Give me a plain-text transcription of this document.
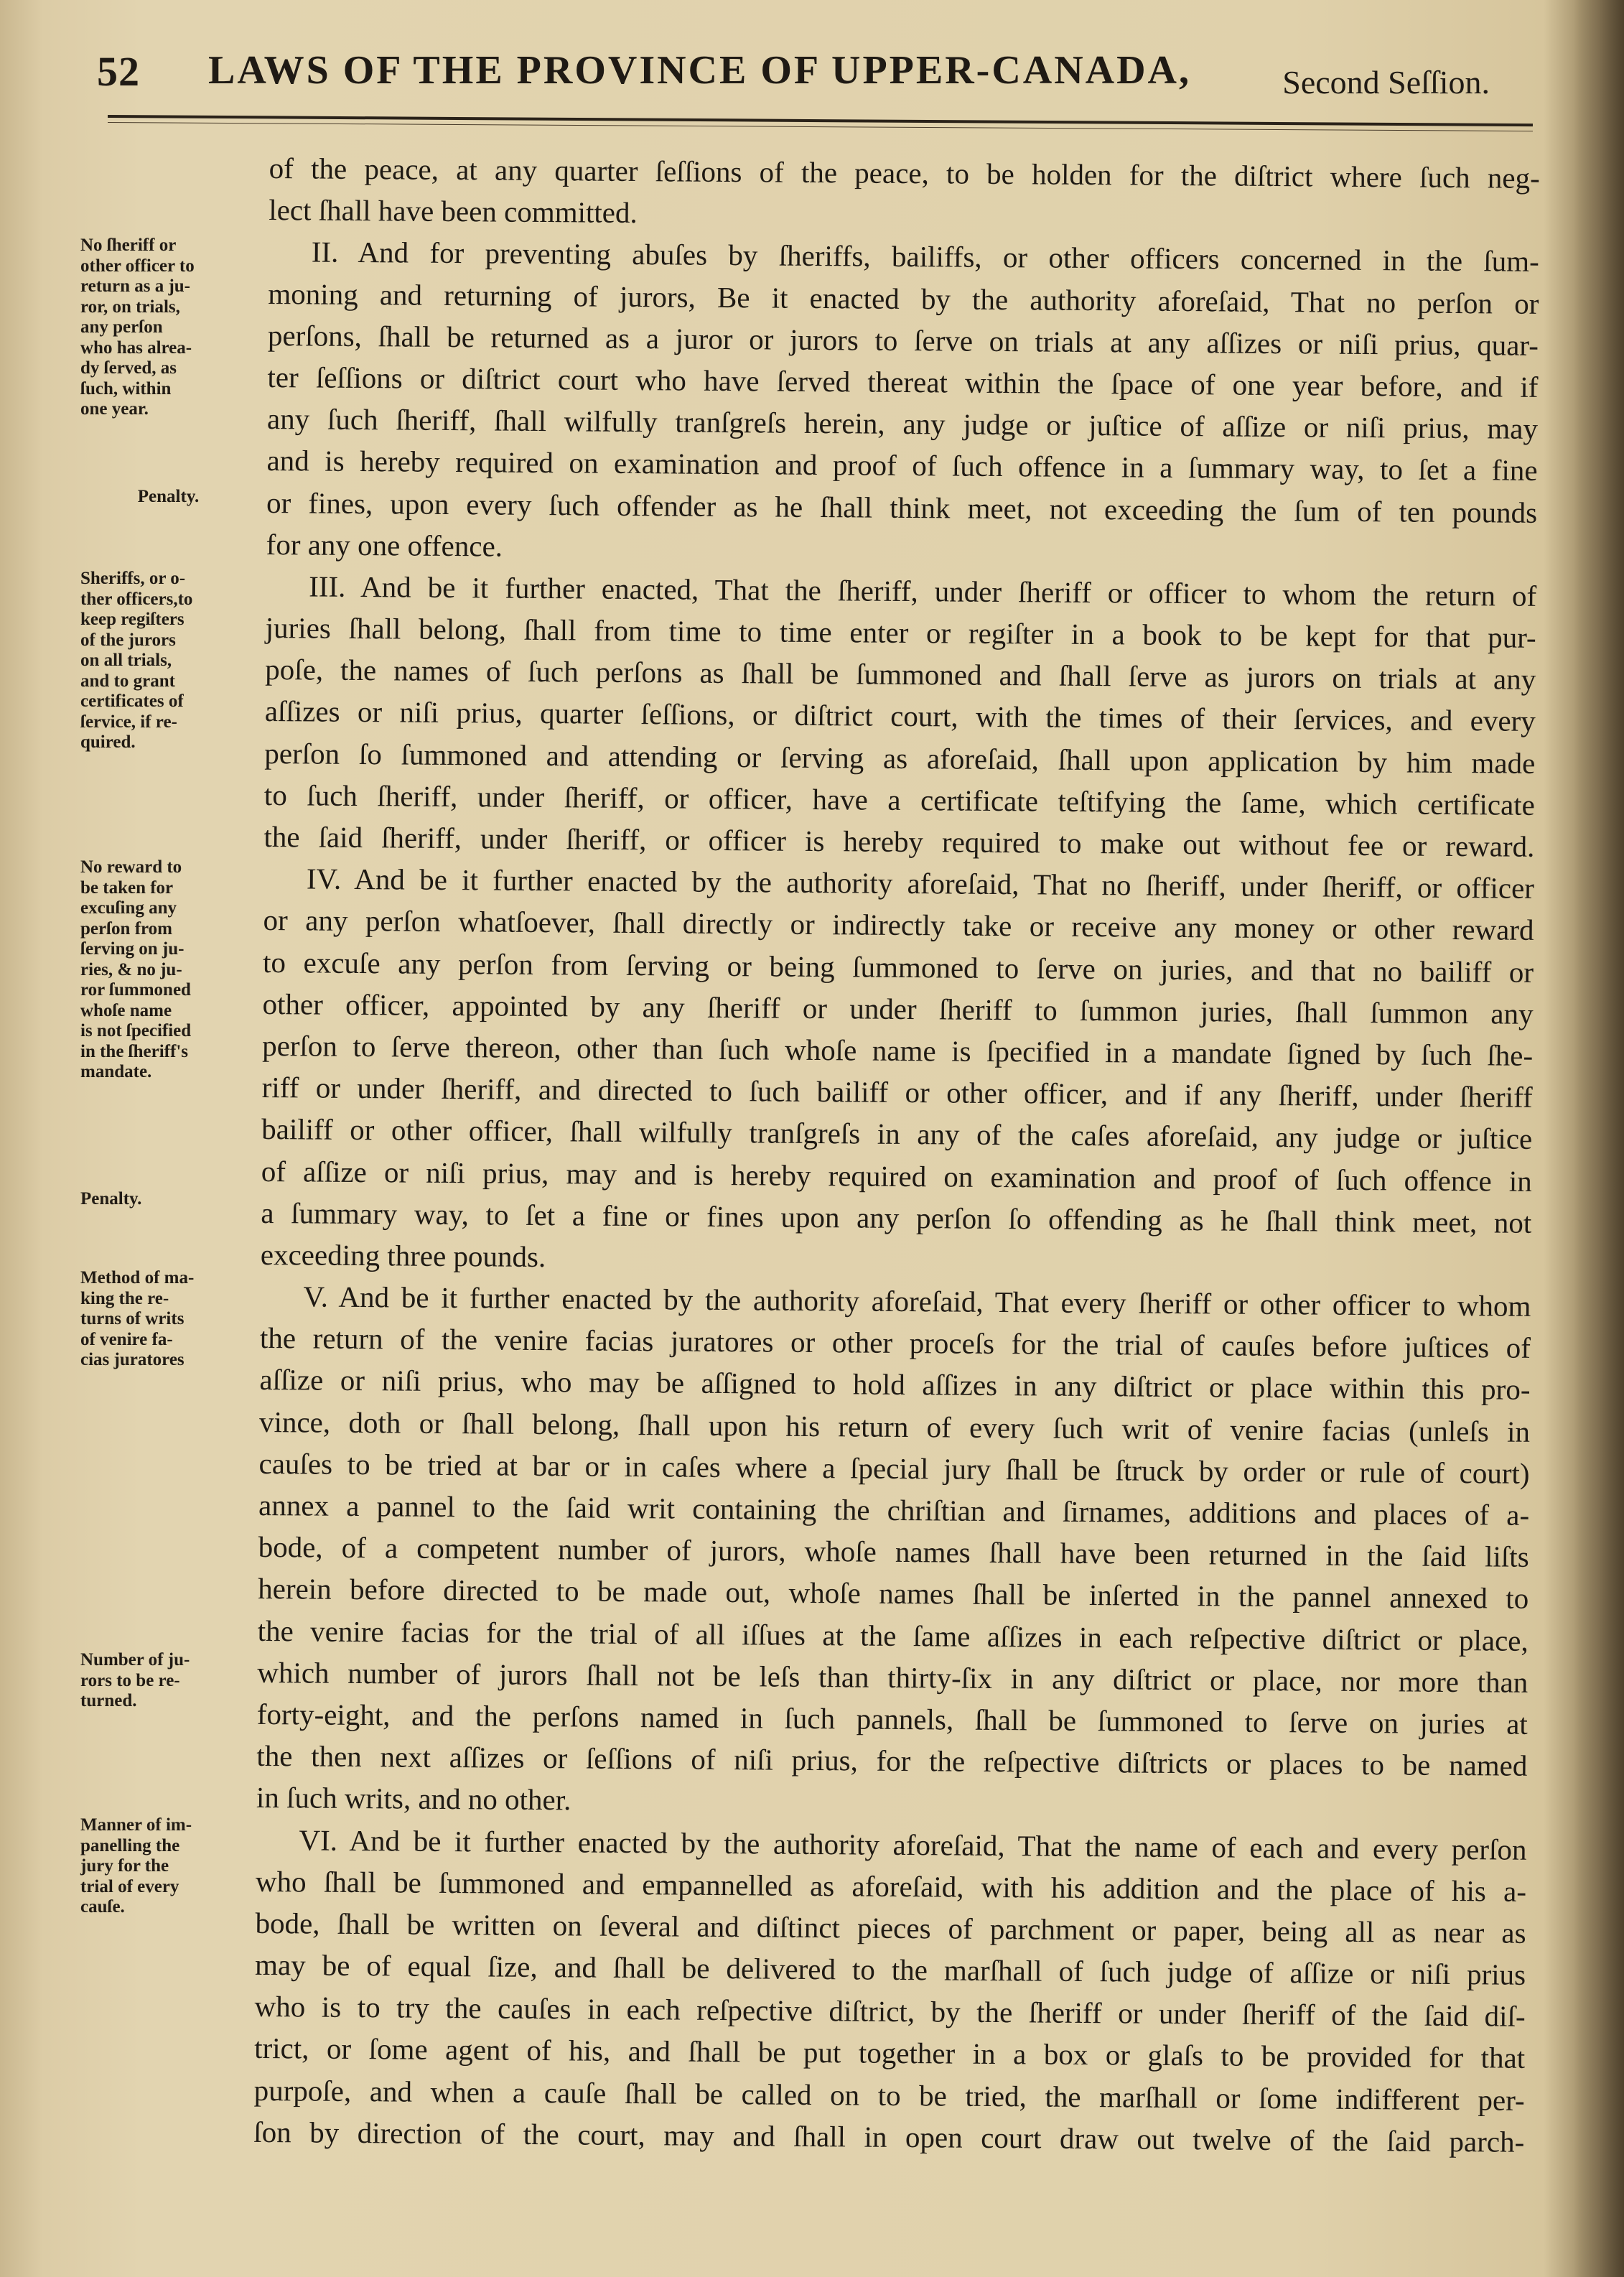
52 LAWS OF THE PROVINCE OF UPPER-CANADA,	Second Seſſion.
No ſheriff or
other officer to
return as a ju-
ror, on trials,
any perſon
who has alrea-
dy ſerved, as
ſuch, within
one year.
Penalty.
Sheriffs, or o-
ther officers,to
keep regiſters
of the jurors
on all trials,
and to grant
certificates of
ſervice, if re-
quired.
No reward to
be taken for
excuſing any
perſon from
ſerving on ju-
ries, & no ju-
ror ſummoned
whoſe name
is not ſpecified
in the ſheriff's
mandate.
Penalty.
Method of ma-
king the re-
turns of writs
of venire fa-
cias juratores
Number of ju-
rors to be re-
turned.
Manner of im-
panelling the
jury for the
trial of every
cauſe.
of the peace, at any quarter ſeſſions of the peace, to be holden for the diſtrict where ſuch neg-
lect ſhall have been committed.
II. And for preventing abuſes by ſheriffs, bailiffs, or other officers concerned in the ſum-
moning and returning of jurors, Be it enacted by the authority aforeſaid, That no perſon or
perſons, ſhall be returned as a juror or jurors to ſerve on trials at any aſſizes or niſi prius, quar-
ter ſeſſions or diſtrict court who have ſerved thereat within the ſpace of one year before, and if
any ſuch ſheriff, ſhall wilfully tranſgreſs herein, any judge or juſtice of aſſize or niſi prius, may
and is hereby required on examination and proof of ſuch offence in a ſummary way, to ſet a fine
or fines, upon every ſuch offender as he ſhall think meet, not exceeding the ſum of ten pounds
for any one offence.
III. And be it further enacted, That the ſheriff, under ſheriff or officer to whom the return of
juries ſhall belong, ſhall from time to time enter or regiſter in a book to be kept for that pur-
poſe, the names of ſuch perſons as ſhall be ſummoned and ſhall ſerve as jurors on trials at any
aſſizes or niſi prius, quarter ſeſſions, or diſtrict court, with the times of their ſervices, and every
perſon ſo ſummoned and attending or ſerving as aforeſaid, ſhall upon application by him made
to ſuch ſheriff, under ſheriff, or officer, have a certificate teſtifying the ſame, which certificate
the ſaid ſheriff, under ſheriff, or officer is hereby required to make out without fee or reward.
IV. And be it further enacted by the authority aforeſaid, That no ſheriff, under ſheriff, or officer
or any perſon whatſoever, ſhall directly or indirectly take or receive any money or other reward
to excuſe any perſon from ſerving or being ſummoned to ſerve on juries, and that no bailiff or
other officer, appointed by any ſheriff or under ſheriff to ſummon juries, ſhall ſummon any
perſon to ſerve thereon, other than ſuch whoſe name is ſpecified in a mandate ſigned by ſuch ſhe-
riff or under ſheriff, and directed to ſuch bailiff or other officer, and if any ſheriff, under ſheriff
bailiff or other officer, ſhall wilfully tranſgreſs in any of the caſes aforeſaid, any judge or juſtice
of aſſize or niſi prius, may and is hereby required on examination and proof of ſuch offence in
a ſummary way, to ſet a fine or fines upon any perſon ſo offending as he ſhall think meet, not
exceeding three pounds.
V. And be it further enacted by the authority aforeſaid, That every ſheriff or other officer to whom
the return of the venire facias juratores or other proceſs for the trial of cauſes before juſtices of
aſſize or niſi prius, who may be aſſigned to hold aſſizes in any diſtrict or place within this pro-
vince, doth or ſhall belong, ſhall upon his return of every ſuch writ of venire facias (unleſs in
cauſes to be tried at bar or in caſes where a ſpecial jury ſhall be ſtruck by order or rule of court)
annex a pannel to the ſaid writ containing the chriſtian and ſirnames, additions and places of a-
bode, of a competent number of jurors, whoſe names ſhall have been returned in the ſaid liſts
herein before directed to be made out, whoſe names ſhall be inſerted in the pannel annexed to
the venire facias for the trial of all iſſues at the ſame aſſizes in each reſpective diſtrict or place,
which number of jurors ſhall not be leſs than thirty-ſix in any diſtrict or place, nor more than
forty-eight, and the perſons named in ſuch pannels, ſhall be ſummoned to ſerve on juries at
the then next aſſizes or ſeſſions of niſi prius, for the reſpective diſtricts or places to be named
in ſuch writs, and no other.
VI. And be it further enacted by the authority aforeſaid, That the name of each and every perſon
who ſhall be ſummoned and empannelled as aforeſaid, with his addition and the place of his a-
bode, ſhall be written on ſeveral and diſtinct pieces of parchment or paper, being all as near as
may be of equal ſize, and ſhall be delivered to the marſhall of ſuch judge of aſſize or niſi prius
who is to try the cauſes in each reſpective diſtrict, by the ſheriff or under ſheriff of the ſaid diſ-
trict, or ſome agent of his, and ſhall be put together in a box or glaſs to be provided for that
purpoſe, and when a cauſe ſhall be called on to be tried, the marſhall or ſome indifferent per-
ſon by direction of the court, may and ſhall in open court draw out twelve of the ſaid parch-
